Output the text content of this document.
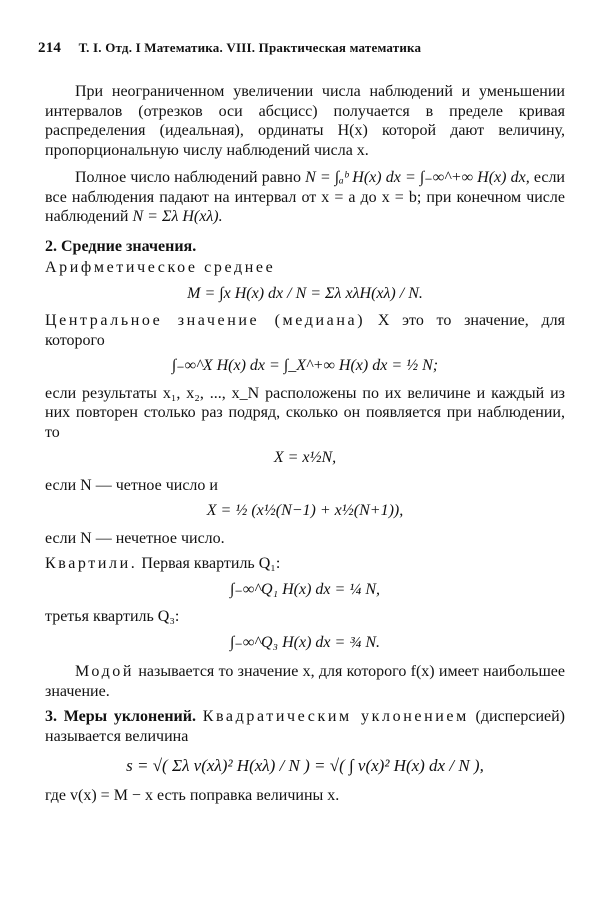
214 Т. I. Отд. I Математика. VIII. Практическая математика

При неограниченном увеличении числа наблюдений и уменьшении интервалов (отрезков оси абсцисс) получается в пределе кривая распределения (идеальная), ординаты H(x) которой дают величину, пропорциональную числу наблюдений числа x.

Полное число наблюдений равно N = ∫ₐᵇ H(x) dx = ∫₋∞^+∞ H(x) dx, если все наблюдения падают на интервал от x = a до x = b; при конечном числе наблюдений N = Σλ H(xλ).

2. Средние значения.
Арифметическое среднее
M = ∫x H(x) dx / N = Σλ xλH(xλ) / N.

Центральное значение (медиана) X это то значение, для которого

∫₋∞^X H(x) dx = ∫_X^+∞ H(x) dx = ½ N;

если результаты x₁, x₂, ..., x_N расположены по их величине и каждый из них повторен столько раз подряд, сколько он появляется при наблюдении, то

X = x½N,

если N — четное число и

X = ½ (x½(N−1) + x½(N+1)),

если N — нечетное число.

Квартили. Первая квартиль Q₁:

∫₋∞^Q₁ H(x) dx = ¼ N,

третья квартиль Q₃:

∫₋∞^Q₃ H(x) dx = ¾ N.

Модой называется то значение x, для которого f(x) имеет наибольшее значение.

3. Меры уклонений. Квадратическим уклонением (дисперсией) называется величина

s = √( Σλ v(xλ)² H(xλ) / N ) = √( ∫ v(x)² H(x) dx / N ),

где v(x) = M − x есть поправка величины x.
